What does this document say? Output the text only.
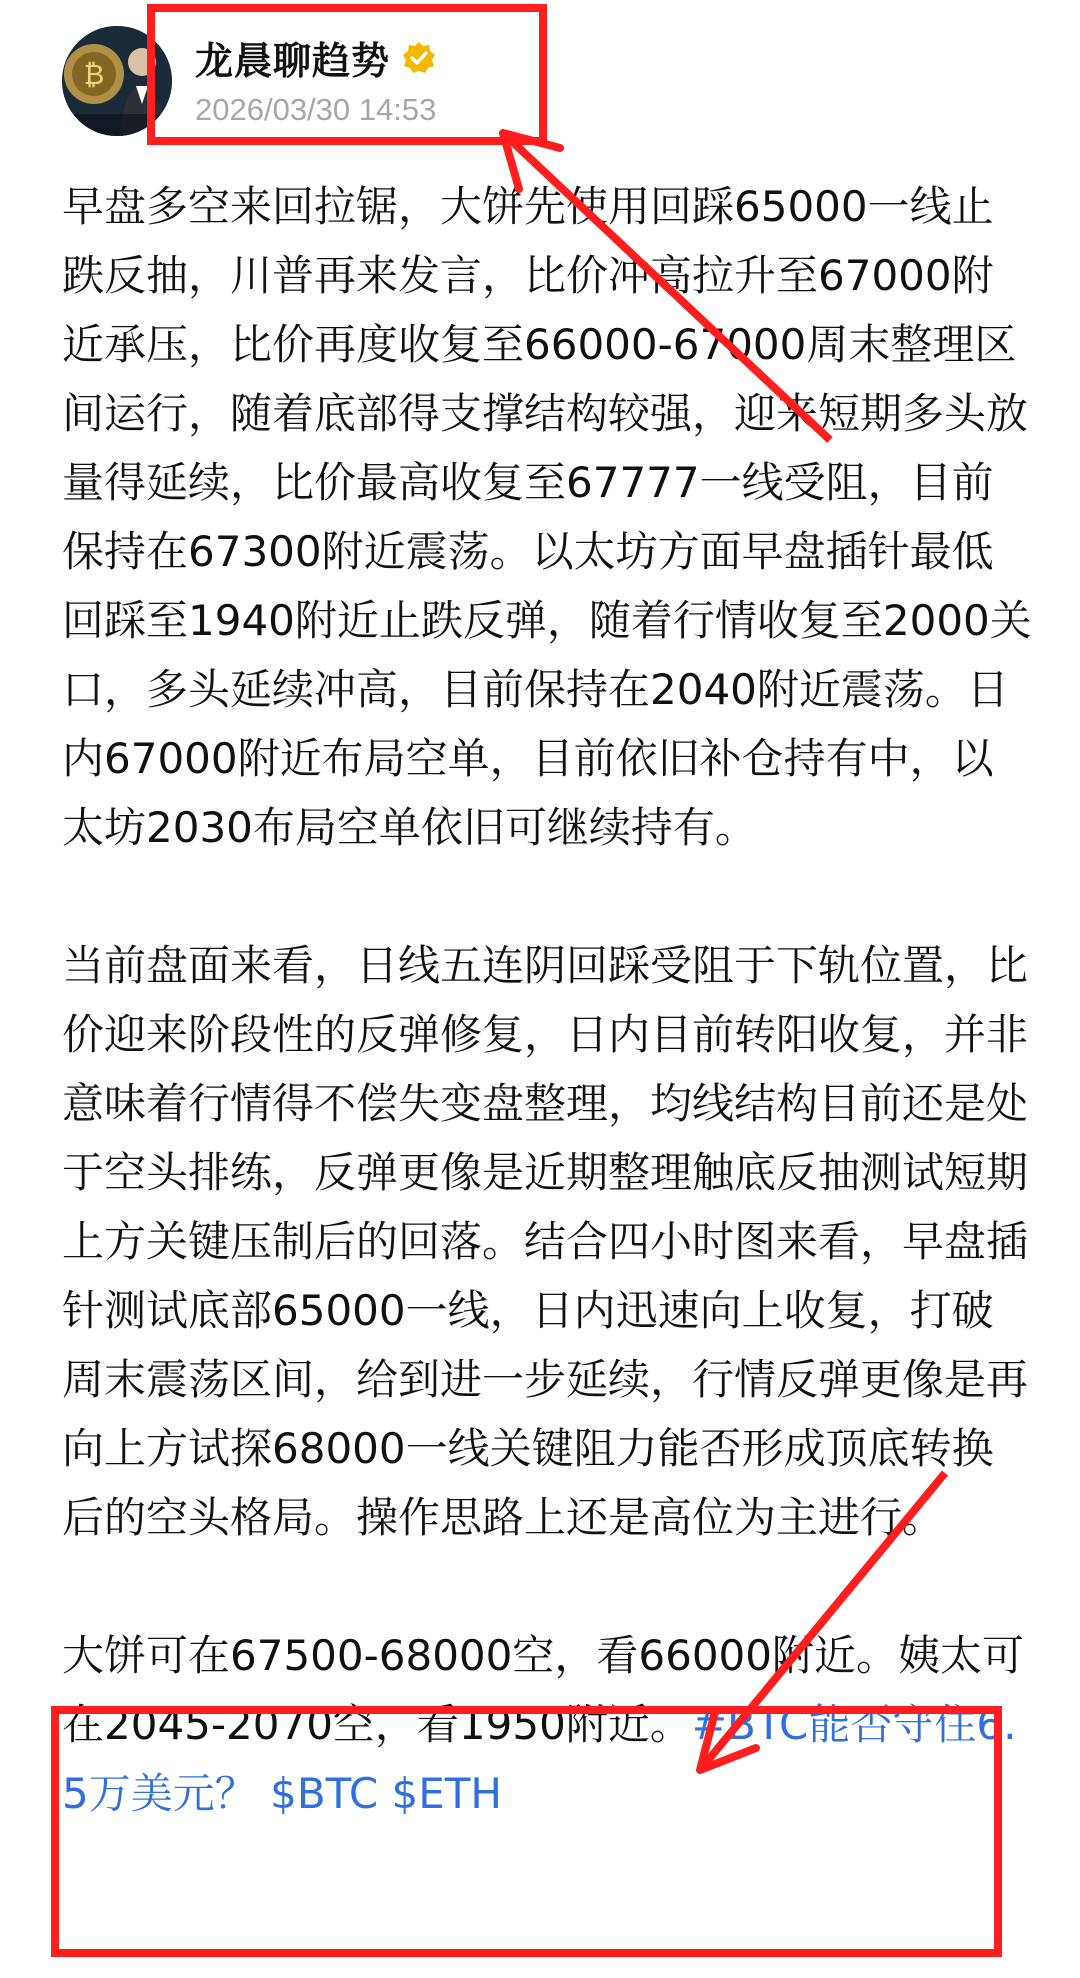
₿ 龙晨聊趋势
2026/03/30 14:53

早盘多空来回拉锯，大饼先使用回踩65000一线止跌反抽，川普再来发言，比价冲高拉升至67000附近承压，比价再度收复至66000-67000周末整理区间运行，随着底部得支撑结构较强，迎来短期多头放量得延续，比价最高收复至67777一线受阻，目前保持在67300附近震荡。以太坊方面早盘插针最低回踩至1940附近止跌反弹，随着行情收复至2000关口，多头延续冲高，目前保持在2040附近震荡。日内67000附近布局空单，目前依旧补仓持有中，以太坊2030布局空单依旧可继续持有。

当前盘面来看，日线五连阴回踩受阻于下轨位置，比价迎来阶段性的反弹修复，日内目前转阳收复，并非意味着行情得不偿失变盘整理，均线结构目前还是处于空头排练，反弹更像是近期整理触底反抽测试短期上方关键压制后的回落。结合四小时图来看，早盘插针测试底部65000一线，日内迅速向上收复，打破周末震荡区间，给到进一步延续，行情反弹更像是再向上方试探68000一线关键阻力能否形成顶底转换后的空头格局。操作思路上还是高位为主进行。

大饼可在67500-68000空，看66000附近。姨太可在2045-2070空，看1950附近。#BTC能否守住6.5万美元？ $BTC $ETH
